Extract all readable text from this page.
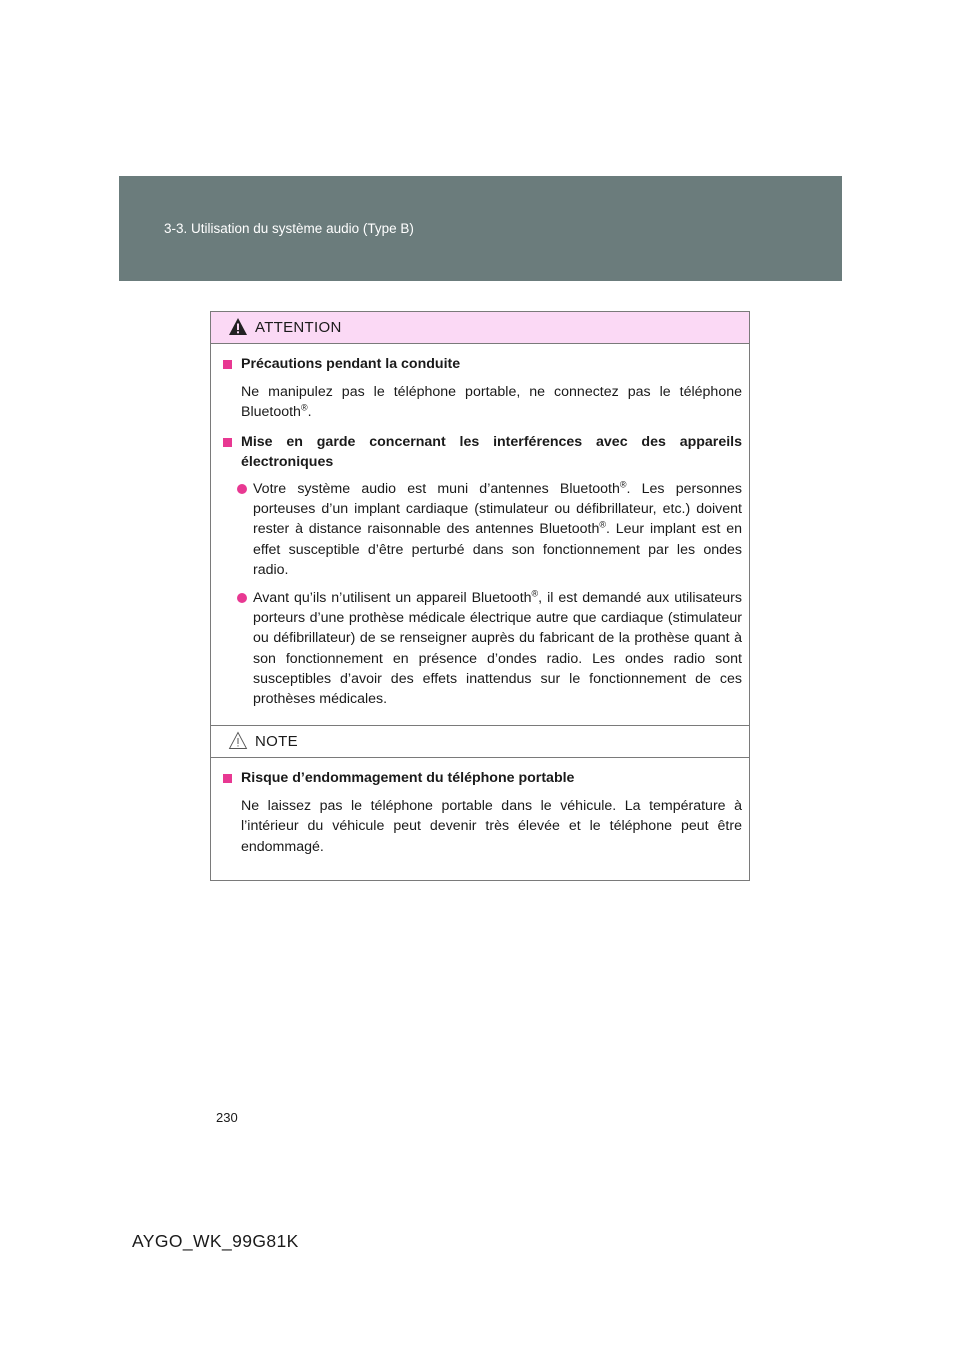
3-3. Utilisation du système audio (Type B)
ATTENTION
Précautions pendant la conduite
Ne manipulez pas le téléphone portable, ne connectez pas le téléphone Bluetooth®.
Mise en garde concernant les interférences avec des appareils électroniques
Votre système audio est muni d’antennes Bluetooth®. Les personnes porteuses d’un implant cardiaque (stimulateur ou défibrillateur, etc.) doivent rester à distance raisonnable des antennes Bluetooth®. Leur implant est en effet susceptible d’être perturbé dans son fonctionnement par les ondes radio.
Avant qu’ils n’utilisent un appareil Bluetooth®, il est demandé aux utilisateurs porteurs d’une prothèse médicale électrique autre que cardiaque (stimulateur ou défibrillateur) de se renseigner auprès du fabricant de la prothèse quant à son fonctionnement en présence d’ondes radio. Les ondes radio sont susceptibles d’avoir des effets inattendus sur le fonctionnement de ces prothèses médicales.
NOTE
Risque d’endommagement du téléphone portable
Ne laissez pas le téléphone portable dans le véhicule. La température à l’intérieur du véhicule peut devenir très élevée et le téléphone peut être endommagé.
230
AYGO_WK_99G81K
